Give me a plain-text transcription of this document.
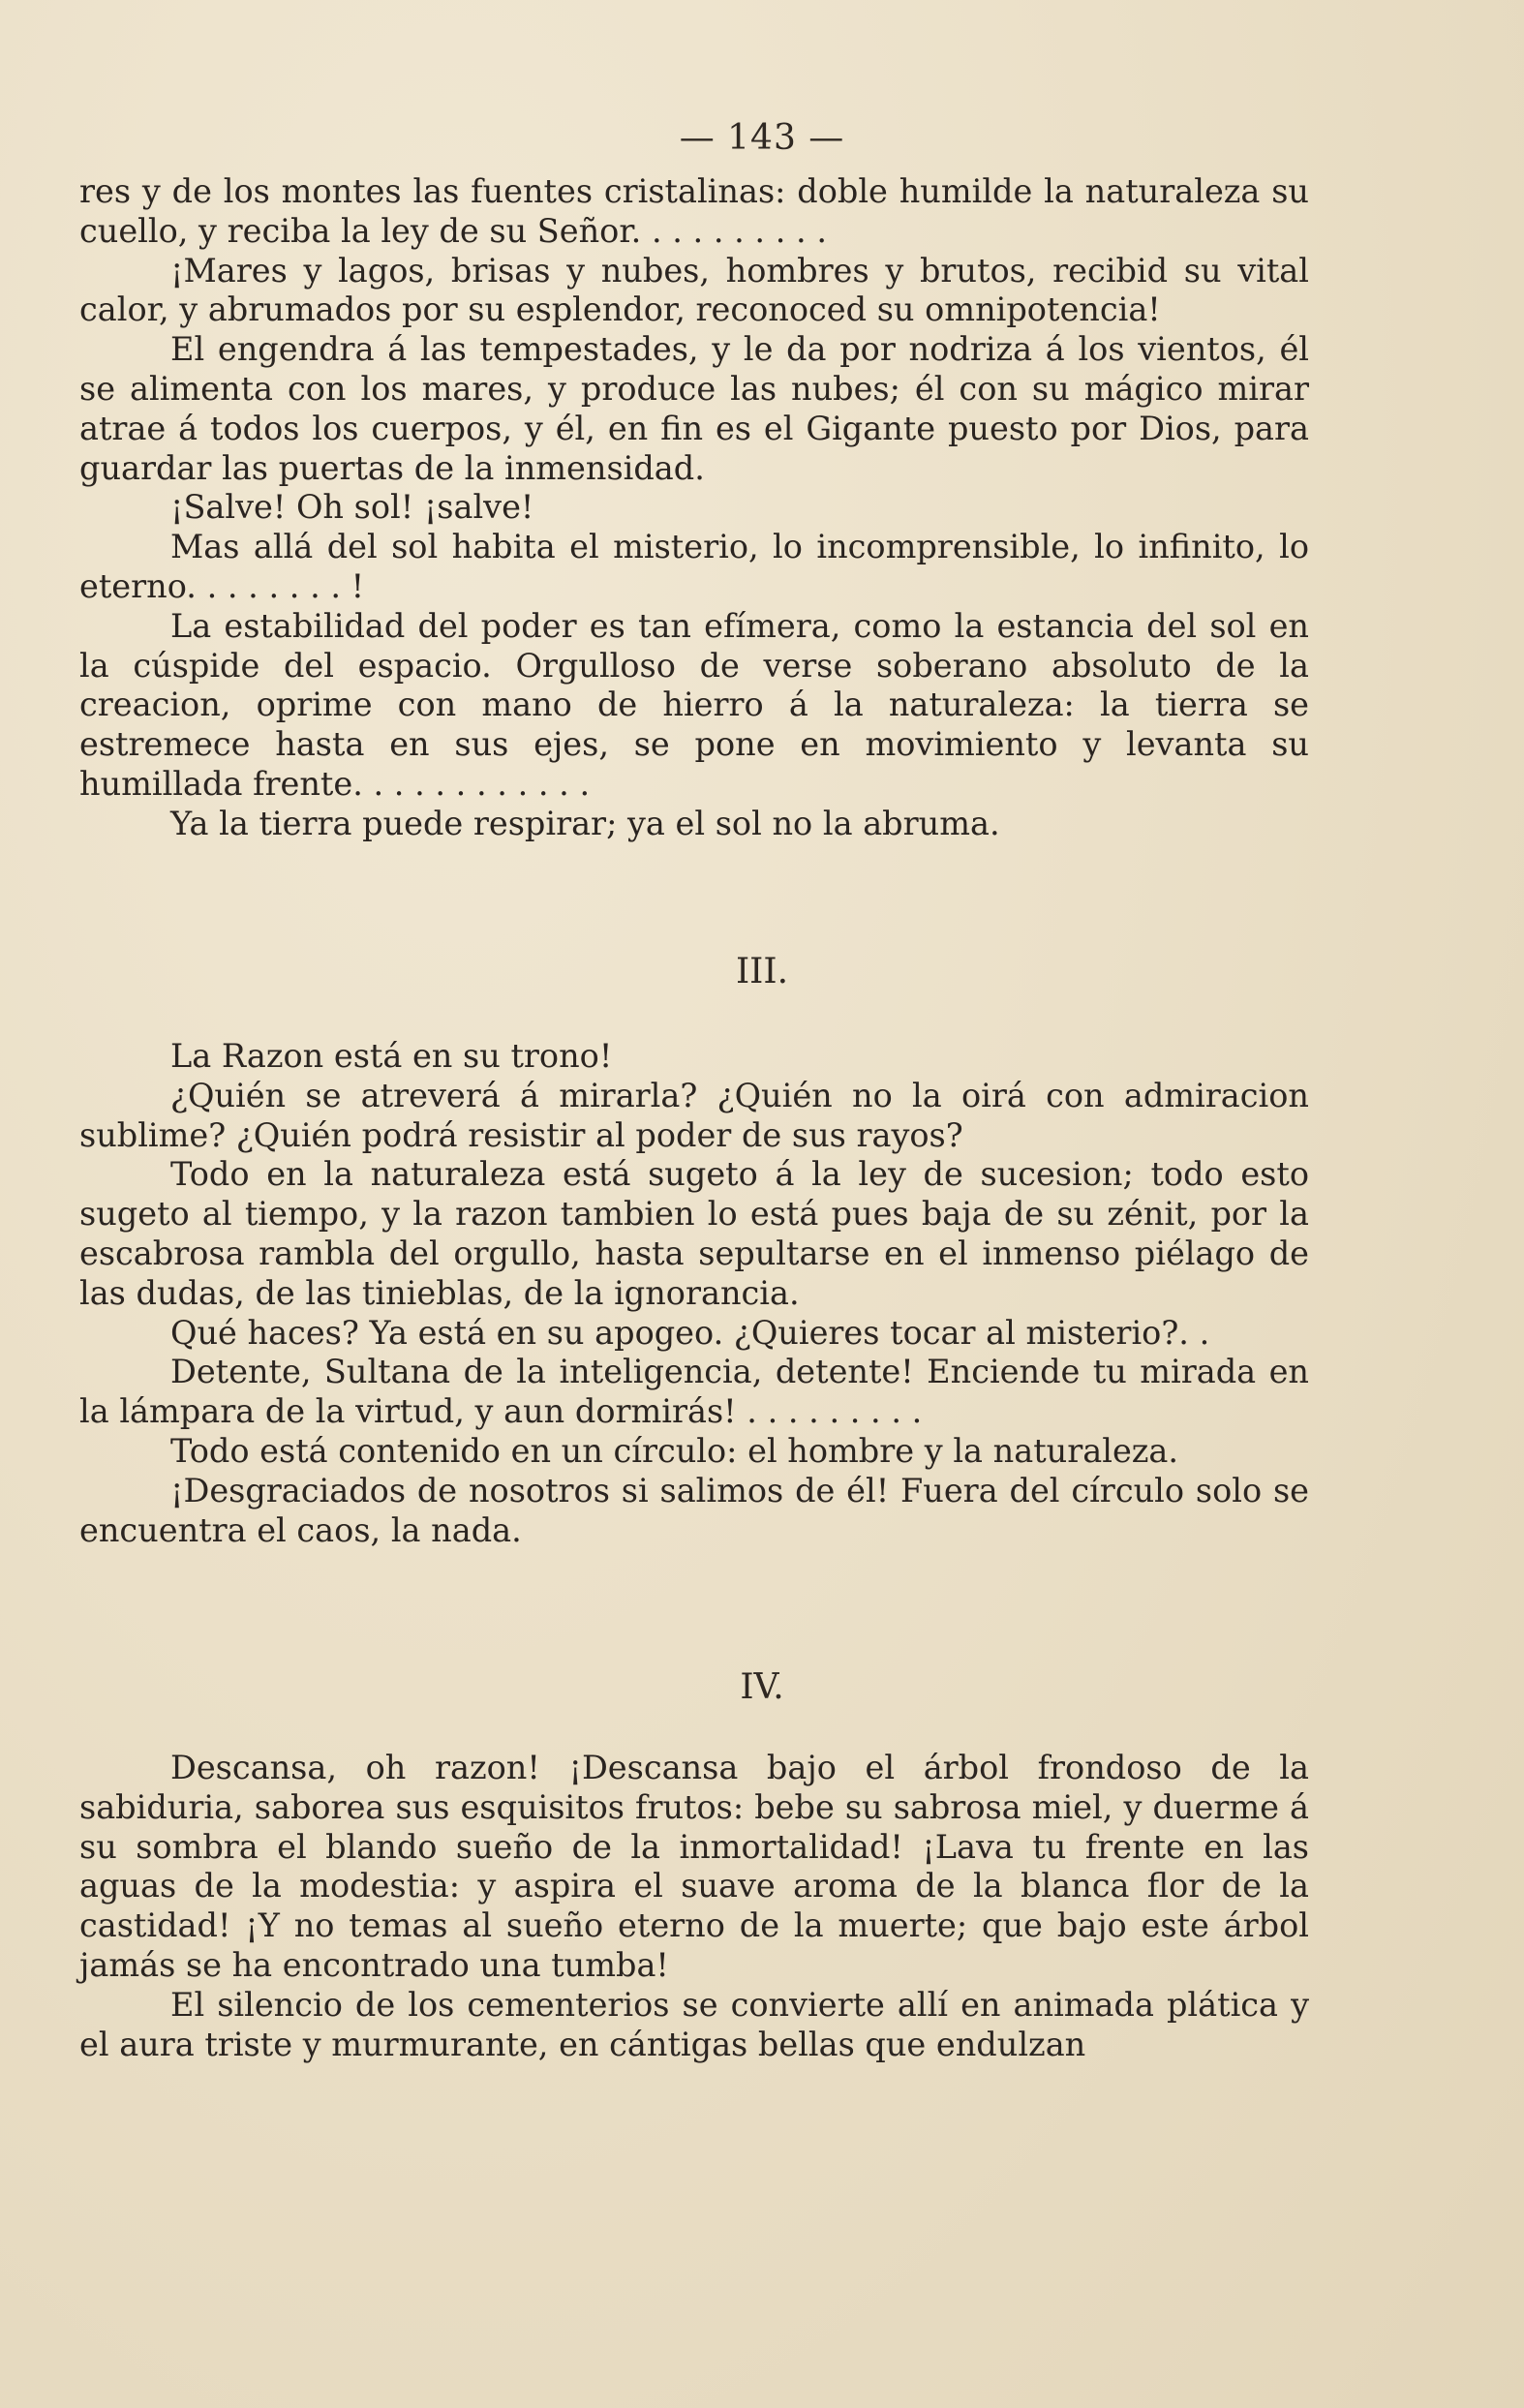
— 143 —

res y de los montes las fuentes cristalinas: doble humilde la naturaleza su cuello, y reciba la ley de su Señor. . . . . . . . . .

¡Mares y lagos, brisas y nubes, hombres y brutos, recibid su vital calor, y abrumados por su esplendor, reconoced su omnipotencia!

El engendra á las tempestades, y le da por nodriza á los vientos, él se alimenta con los mares, y produce las nubes; él con su mágico mirar atrae á todos los cuerpos, y él, en fin es el Gigante puesto por Dios, para guardar las puertas de la inmensidad.

¡Salve! Oh sol! ¡salve!

Mas allá del sol habita el misterio, lo incomprensible, lo infinito, lo eterno. . . . . . . . !

La estabilidad del poder es tan efímera, como la estancia del sol en la cúspide del espacio. Orgulloso de verse soberano absoluto de la creacion, oprime con mano de hierro á la naturaleza: la tierra se estremece hasta en sus ejes, se pone en movimiento y levanta su humillada frente. . . . . . . . . . . .

Ya la tierra puede respirar; ya el sol no la abruma.

III.

La Razon está en su trono!

¿Quién se atreverá á mirarla? ¿Quién no la oirá con admiracion sublime? ¿Quién podrá resistir al poder de sus rayos?

Todo en la naturaleza está sugeto á la ley de sucesion; todo esto sugeto al tiempo, y la razon tambien lo está pues baja de su zénit, por la escabrosa rambla del orgullo, hasta sepultarse en el inmenso piélago de las dudas, de las tinieblas, de la ignorancia.

Qué haces? Ya está en su apogeo. ¿Quieres tocar al misterio?. .

Detente, Sultana de la inteligencia, detente! Enciende tu mirada en la lámpara de la virtud, y aun dormirás! . . . . . . . . .

Todo está contenido en un círculo: el hombre y la naturaleza.

¡Desgraciados de nosotros si salimos de él! Fuera del círculo solo se encuentra el caos, la nada.

IV.

Descansa, oh razon! ¡Descansa bajo el árbol frondoso de la sabiduria, saborea sus esquisitos frutos: bebe su sabrosa miel, y duerme á su sombra el blando sueño de la inmortalidad! ¡Lava tu frente en las aguas de la modestia: y aspira el suave aroma de la blanca flor de la castidad! ¡Y no temas al sueño eterno de la muerte; que bajo este árbol jamás se ha encontrado una tumba!

El silencio de los cementerios se convierte allí en animada plática y el aura triste y murmurante, en cántigas bellas que endulzan
